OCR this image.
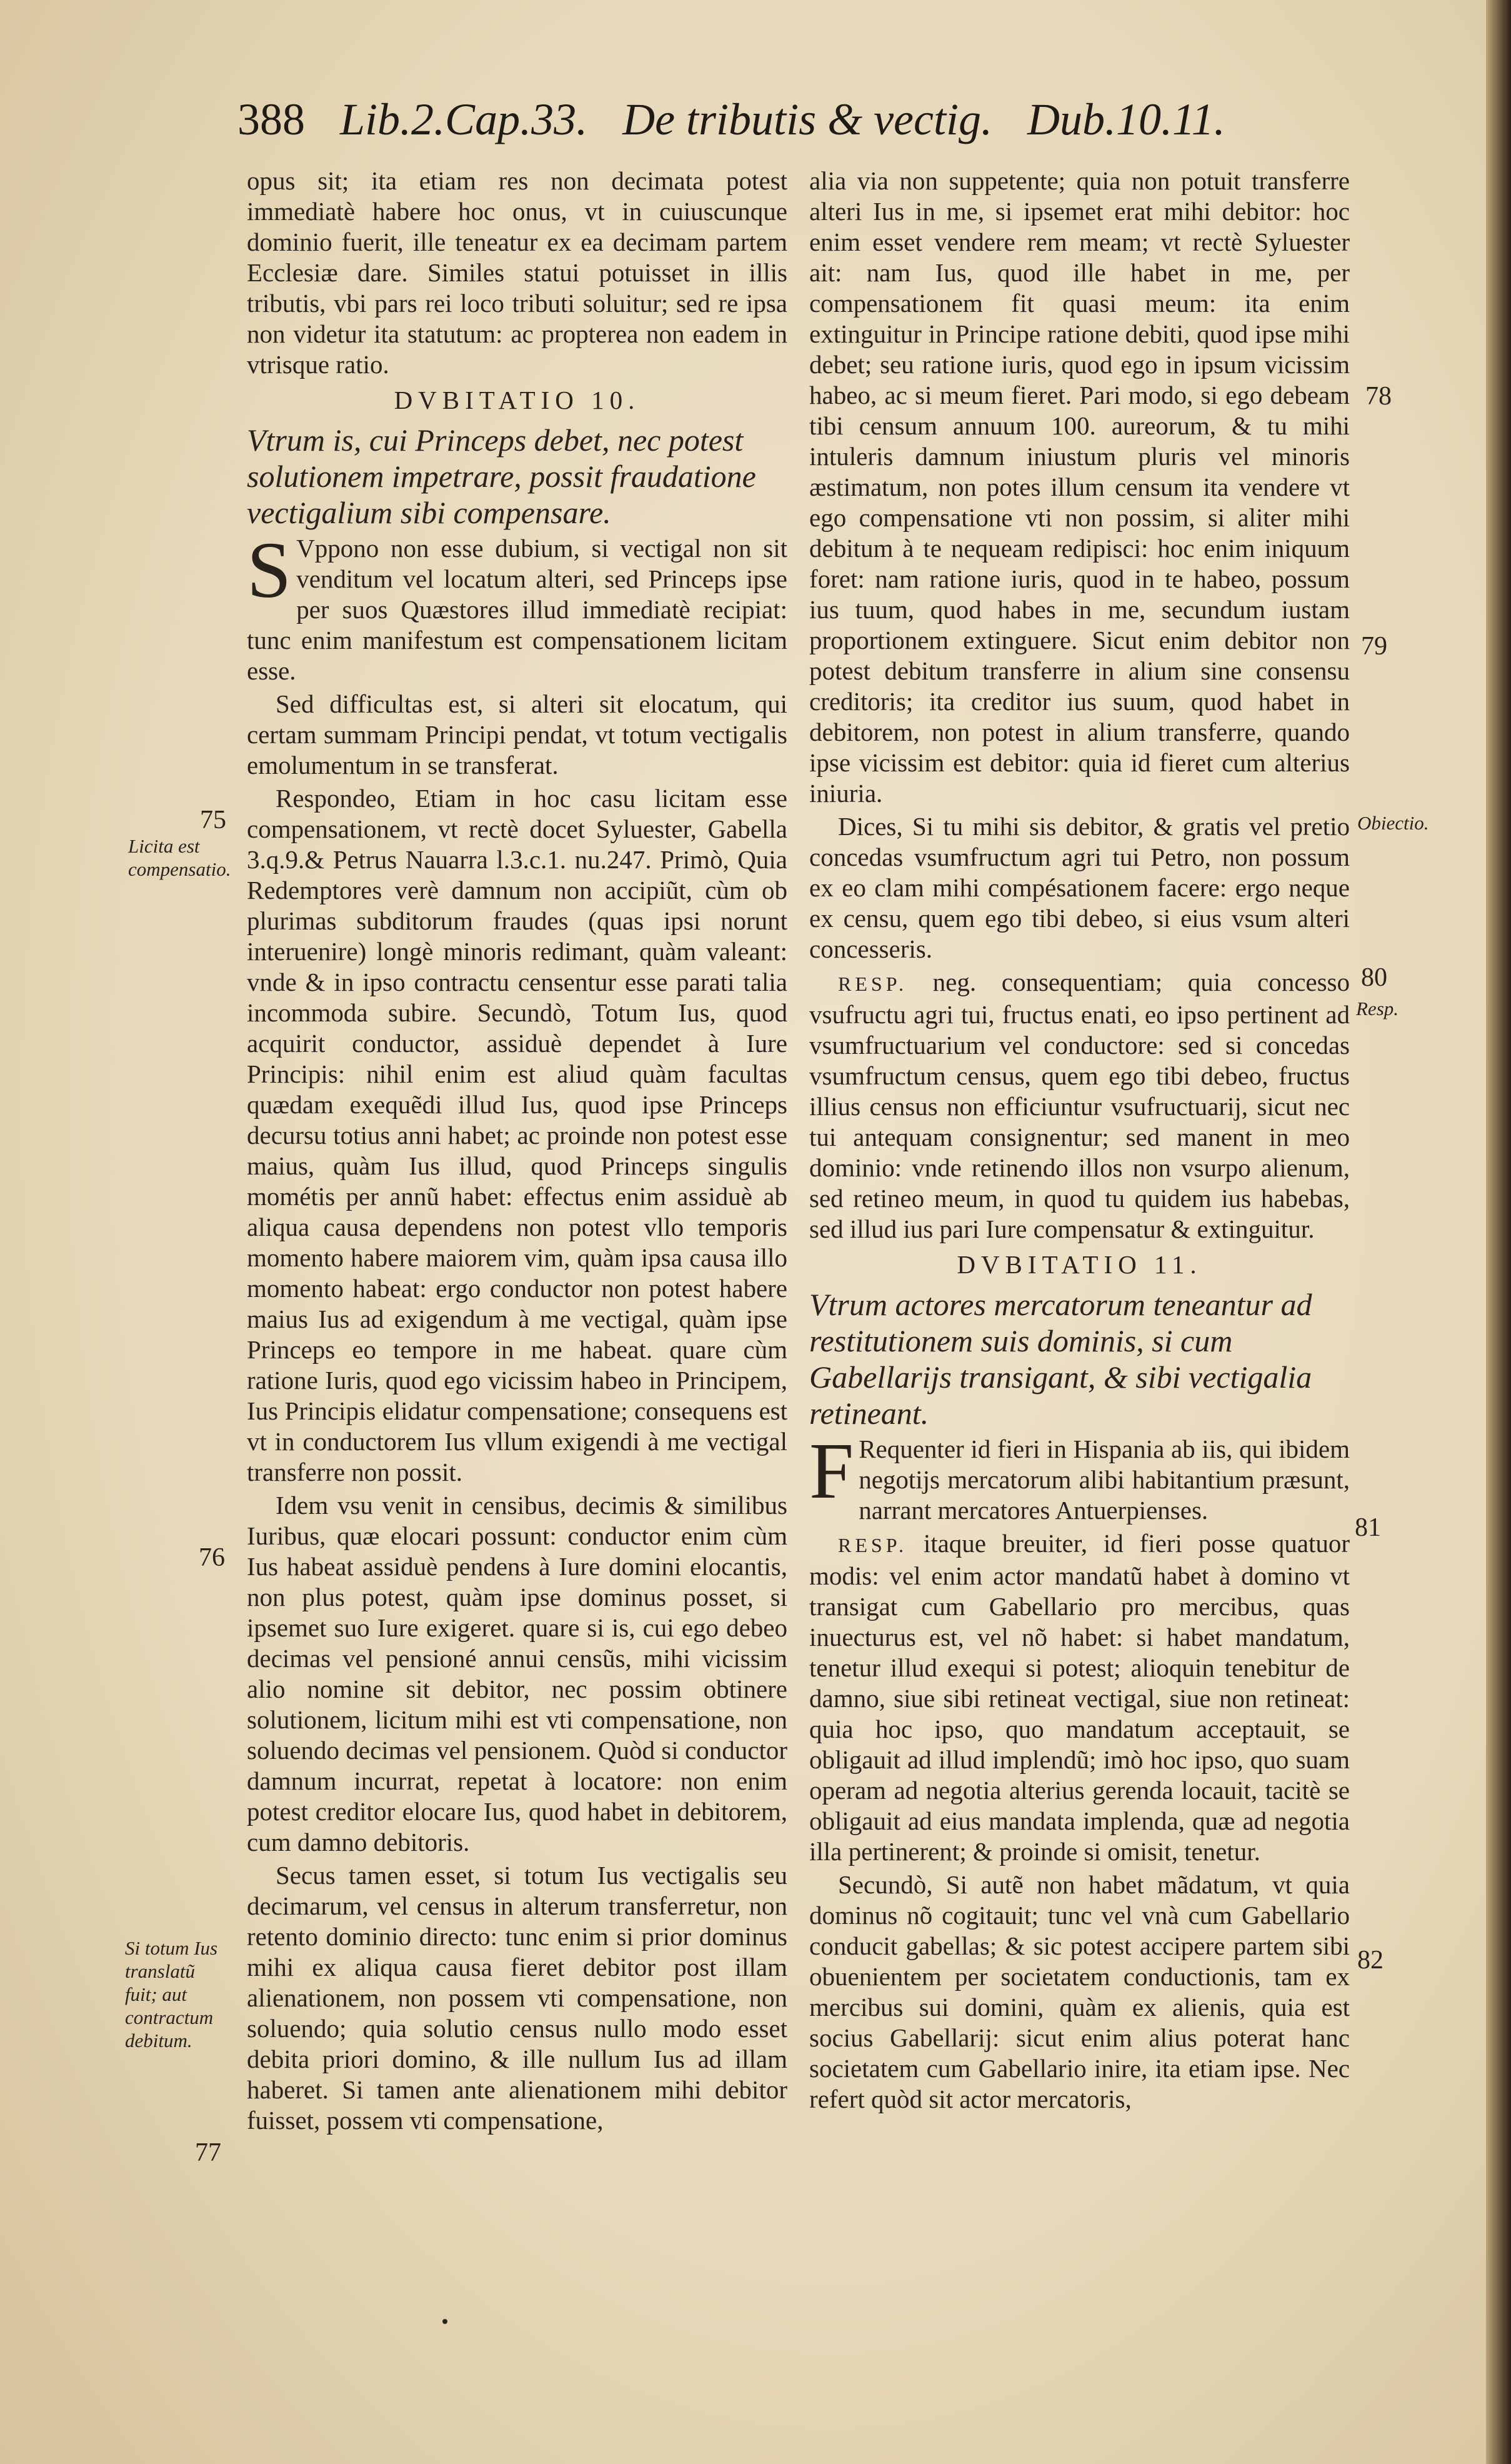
388 Lib.2.Cap.33. De tributis & vectig. Dub.10.11.

opus sit; ita etiam res non decimata potest immediatè habere hoc onus, vt in cuiuscunque dominio fuerit, ille teneatur ex ea decimam partem Ecclesiæ dare. Similes statui potuisset in illis tributis, vbi pars rei loco tributi soluitur; sed re ipsa non videtur ita statutum: ac propterea non eadem in vtrisque ratio.

DVBITATIO 10.

Vtrum is, cui Princeps debet, nec potest solutionem impetrare, possit fraudatione vectigalium sibi compensare.

S Vppono non esse dubium, si vectigal non sit venditum vel locatum alteri, sed Princeps ipse per suos Quæstores illud immediatè recipiat: tunc enim manifestum est compensationem licitam esse.

Sed difficultas est, si alteri sit elocatum, qui certam summam Principi pendat, vt totum vectigalis emolumentum in se transferat.

Respondeo, Etiam in hoc casu licitam esse compensationem, vt rectè docet Syluester, Gabella 3.q.9.& Petrus Nauarra l.3.c.1. nu.247. Primò, Quia Redemptores verè damnum non accipiũt, cùm ob plurimas subditorum fraudes (quas ipsi norunt interuenire) longè minoris redimant, quàm valeant: vnde & in ipso contractu censentur esse parati talia incommoda subire. Secundò, Totum Ius, quod acquirit conductor, assiduè dependet à Iure Principis: nihil enim est aliud quàm facultas quædam exequẽdi illud Ius, quod ipse Princeps decursu totius anni habet; ac proinde non potest esse maius, quàm Ius illud, quod Princeps singulis mométis per annũ habet: effectus enim assiduè ab aliqua causa dependens non potest vllo temporis momento habere maiorem vim, quàm ipsa causa illo momento habeat: ergo conductor non potest habere maius Ius ad exigendum à me vectigal, quàm ipse Princeps eo tempore in me habeat. quare cùm ratione Iuris, quod ego vicissim habeo in Principem, Ius Principis elidatur compensatione; consequens est vt in conductorem Ius vllum exigendi à me vectigal transferre non possit.

Idem vsu venit in censibus, decimis & similibus Iuribus, quæ elocari possunt: conductor enim cùm Ius habeat assiduè pendens à Iure domini elocantis, non plus potest, quàm ipse dominus posset, si ipsemet suo Iure exigeret. quare si is, cui ego debeo decimas vel pensioné annui censũs, mihi vicissim alio nomine sit debitor, nec possim obtinere solutionem, licitum mihi est vti compensatione, non soluendo decimas vel pensionem. Quòd si conductor damnum incurrat, repetat à locatore: non enim potest creditor elocare Ius, quod habet in debitorem, cum damno debitoris.

Secus tamen esset, si totum Ius vectigalis seu decimarum, vel census in alterum transferretur, non retento dominio directo: tunc enim si prior dominus mihi ex aliqua causa fieret debitor post illam alienationem, non possem vti compensatione, non soluendo; quia solutio census nullo modo esset debita priori domino, & ille nullum Ius ad illam haberet. Si tamen ante alienationem mihi debitor fuisset, possem vti compensatione,

alia via non suppetente; quia non potuit transferre alteri Ius in me, si ipsemet erat mihi debitor: hoc enim esset vendere rem meam; vt rectè Syluester ait: nam Ius, quod ille habet in me, per compensationem fit quasi meum: ita enim extinguitur in Principe ratione debiti, quod ipse mihi debet; seu ratione iuris, quod ego in ipsum vicissim habeo, ac si meum fieret. Pari modo, si ego debeam tibi censum annuum 100. aureorum, & tu mihi intuleris damnum iniustum pluris vel minoris æstimatum, non potes illum censum ita vendere vt ego compensatione vti non possim, si aliter mihi debitum à te nequeam redipisci: hoc enim iniquum foret: nam ratione iuris, quod in te habeo, possum ius tuum, quod habes in me, secundum iustam proportionem extinguere. Sicut enim debitor non potest debitum transferre in alium sine consensu creditoris; ita creditor ius suum, quod habet in debitorem, non potest in alium transferre, quando ipse vicissim est debitor: quia id fieret cum alterius iniuria.

Dices, Si tu mihi sis debitor, & gratis vel pretio concedas vsumfructum agri tui Petro, non possum ex eo clam mihi compésationem facere: ergo neque ex censu, quem ego tibi debeo, si eius vsum alteri concesseris.

RESP. neg. consequentiam; quia concesso vsufructu agri tui, fructus enati, eo ipso pertinent ad vsumfructuarium vel conductore: sed si concedas vsumfructum census, quem ego tibi debeo, fructus illius census non efficiuntur vsufructuarij, sicut nec tui antequam consignentur; sed manent in meo dominio: vnde retinendo illos non vsurpo alienum, sed retineo meum, in quod tu quidem ius habebas, sed illud ius pari Iure compensatur & extinguitur.

DVBITATIO 11.

Vtrum actores mercatorum teneantur ad restitutionem suis dominis, si cum Gabellarijs transigant, & sibi vectigalia retineant.

F Requenter id fieri in Hispania ab iis, qui ibidem negotijs mercatorum alibi habitantium præsunt, narrant mercatores Antuerpienses.

RESP. itaque breuiter, id fieri posse quatuor modis: vel enim actor mandatũ habet à domino vt transigat cum Gabellario pro mercibus, quas inuecturus est, vel nõ habet: si habet mandatum, tenetur illud exequi si potest; alioquin tenebitur de damno, siue sibi retineat vectigal, siue non retineat: quia hoc ipso, quo mandatum acceptauit, se obligauit ad illud implendũ; imò hoc ipso, quo suam operam ad negotia alterius gerenda locauit, tacitè se obligauit ad eius mandata implenda, quæ ad negotia illa pertinerent; & proinde si omisit, tenetur.

Secundò, Si autẽ non habet mãdatum, vt quia dominus nõ cogitauit; tunc vel vnà cum Gabellario conducit gabellas; & sic potest accipere partem sibi obuenientem per societatem conductionis, tam ex mercibus sui domini, quàm ex alienis, quia est socius Gabellarij: sicut enim alius poterat hanc societatem cum Gabellario inire, ita etiam ipse. Nec refert quòd sit actor mercatoris,

75
Licita est compensatio.
76
Si totum Ius translatũ fuit; aut contractum debitum.
77
78
79
Obiectio.
80
Resp.
81
82
